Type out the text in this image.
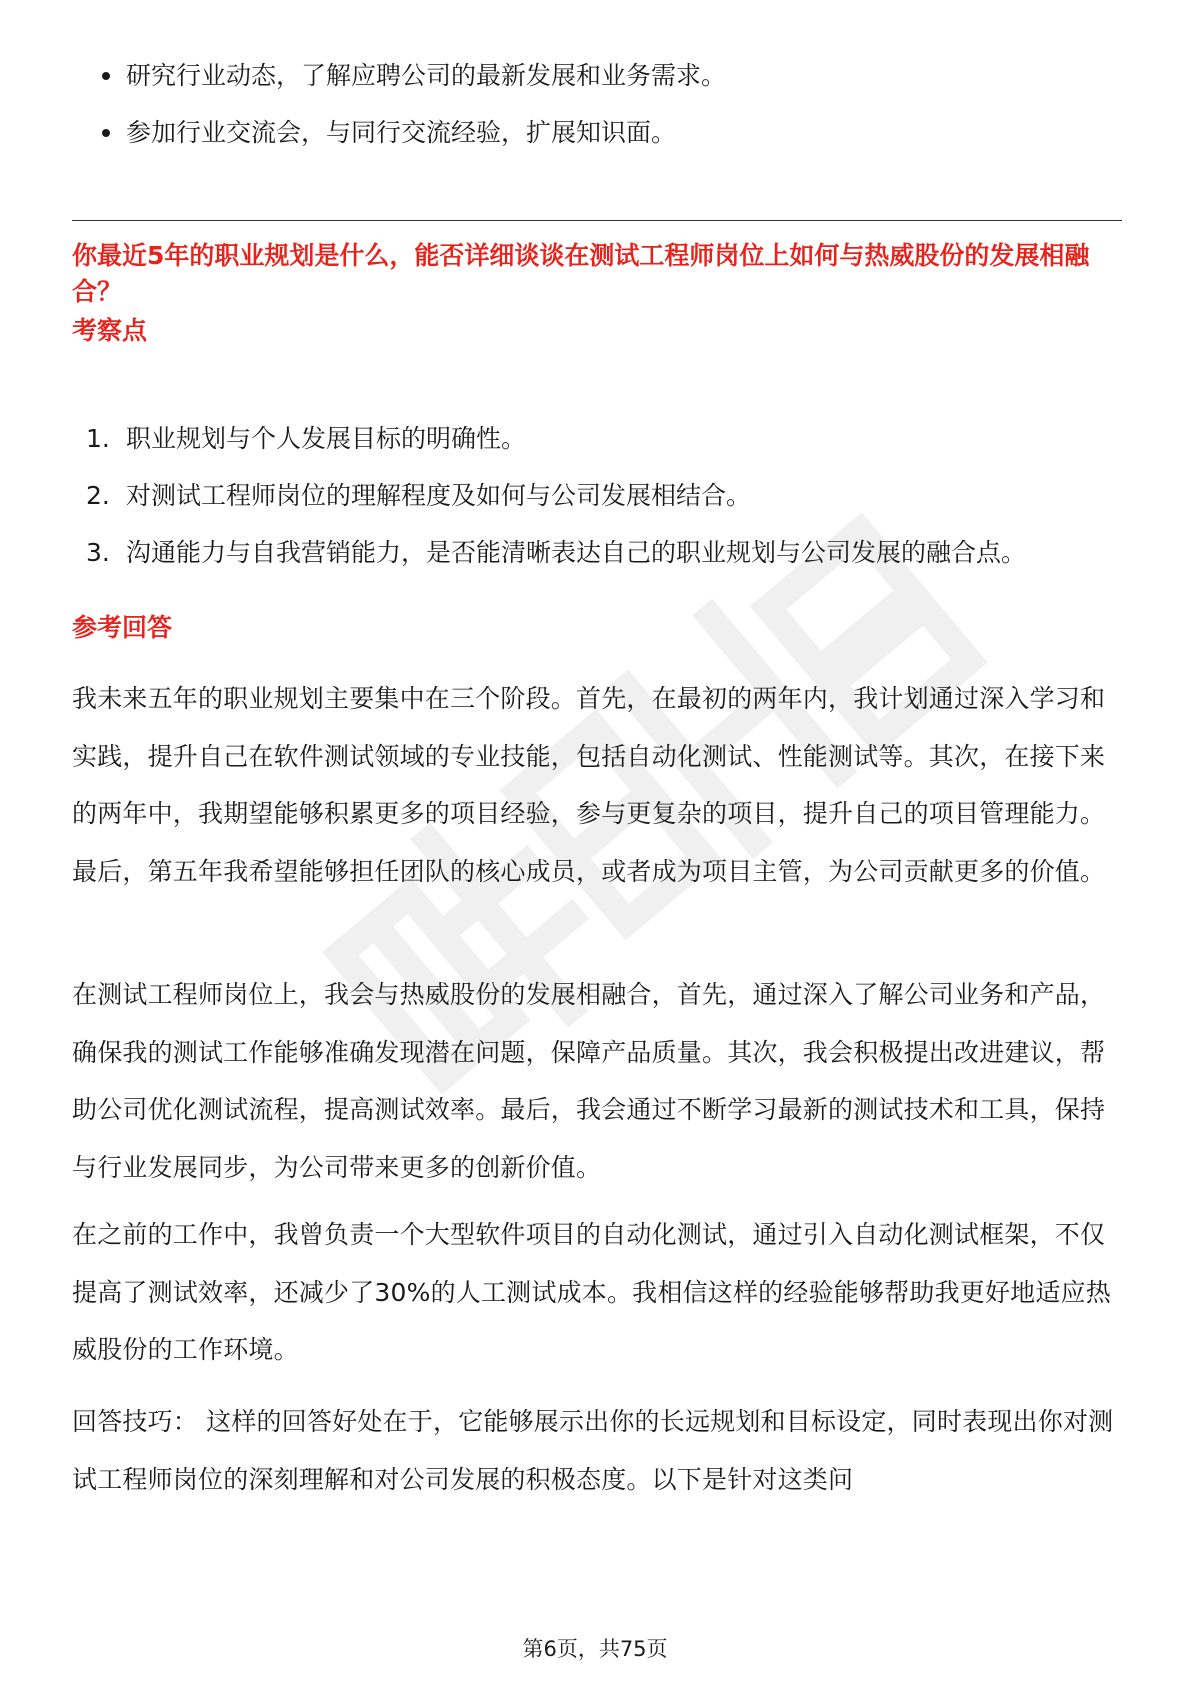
研究行业动态，了解应聘公司的最新发展和业务需求。
参加行业交流会，与同行交流经验，扩展知识面。
你最近5年的职业规划是什么，能否详细谈谈在测试工程师岗位上如何与热威股份的发展相融合？
考察点
1. 职业规划与个人发展目标的明确性。
2. 对测试工程师岗位的理解程度及如何与公司发展相结合。
3. 沟通能力与自我营销能力，是否能清晰表达自己的职业规划与公司发展的融合点。
参考回答

我未来五年的职业规划主要集中在三个阶段。首先，在最初的两年内，我计划通过深入学习和实践，提升自己在软件测试领域的专业技能，包括自动化测试、性能测试等。其次，在接下来的两年中，我期望能够积累更多的项目经验，参与更复杂的项目，提升自己的项目管理能力。最后，第五年我希望能够担任团队的核心成员，或者成为项目主管，为公司贡献更多的价值。

在测试工程师岗位上，我会与热威股份的发展相融合，首先，通过深入了解公司业务和产品，确保我的测试工作能够准确发现潜在问题，保障产品质量。其次，我会积极提出改进建议，帮助公司优化测试流程，提高测试效率。最后，我会通过不断学习最新的测试技术和工具，保持与行业发展同步，为公司带来更多的创新价值。

在之前的工作中，我曾负责一个大型软件项目的自动化测试，通过引入自动化测试框架，不仅提高了测试效率，还减少了30%的人工测试成本。我相信这样的经验能够帮助我更好地适应热威股份的工作环境。

回答技巧： 这样的回答好处在于，它能够展示出你的长远规划和目标设定，同时表现出你对测试工程师岗位的深刻理解和对公司发展的积极态度。以下是针对这类问

第6页，共75页
